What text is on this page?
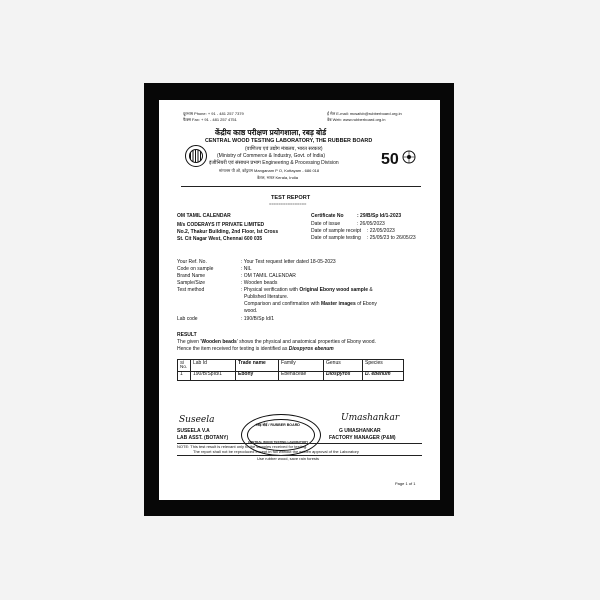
दूरभाष Phone: + 91 - 481 257 7379
फैक्स Fax: + 91 - 481 257 4751
ई मेल E-mail: mcsafcb@rubberboard.org.in
वेब Web: www.rubberboard.org.in
50
केंद्रीय काष्ठ परीक्षण प्रयोगशाला, रबड़ बोर्ड
CENTRAL WOOD TESTING LABORATORY, THE RUBBER BOARD
(वाणिज्य एवं उद्योग मंत्रालय, भारत सरकार)
(Ministry of Commerce & Industry, Govt. of India)
इंजीनियरी एवं संसाधन प्रभाग Engineering & Processing Division
मांगानम पी ओ, कोट्टयम Manganam P O, Kottayam - 686 018
केरल, भारत Kerala, India
TEST REPORT
================
OM TAMIL CALENDAR
M/s CODERAYS IT PRIVATE LIMITED
No.2, Thakur Building, 2nd Floor, Ist Cross
St. Cit Nagar West, Chennai 600 035
Certificate No	: 29/B/Sp Id/1-2023
Date of issue	: 26/05/2023
Date of sample receipt : 22/05/2023
Date of sample testing : 25/05/23 to 26/05/23
Your Ref. No.	: Your Test request letter dated 18-05-2023
Code on sample	: NIL
Brand Name	: OM TAMIL CALENDAR
Sample/Size	: Wooden beads
Test method	: Physical verification with Original Ebony wood sample &
Published literature.
Comparison and confirmation with Master images of Ebony
wood.
Lab code	: 190/B/Sp Id/1
RESULT
The given 'Wooden beads' shows the physical and anatomical properties of Ebony wood.
Hence the item received for testing is identified as Diospyros ebenum
Sl No.	Lab Id	Trade name	Family	Genus	Species
1	190/B/SpId/1	Ebony	Ebenaceae	Diospyros	D. ebenum
Suseela
SUSEELA V.A
LAB ASST. (BOTANY)
रबड़ बोर्ड / RUBBER BOARD
CENTRAL WOOD TESTING LABORATORY
Umashankar
G UMASHANKAR
FACTORY MANAGER (P&M)
NOTE: This test result is relevant only to the samples received for testing.
The report shall not be reproduced except in full without the written approval of the Laboratory
Use rubber wood, save rain forests
Page 1 of 1
